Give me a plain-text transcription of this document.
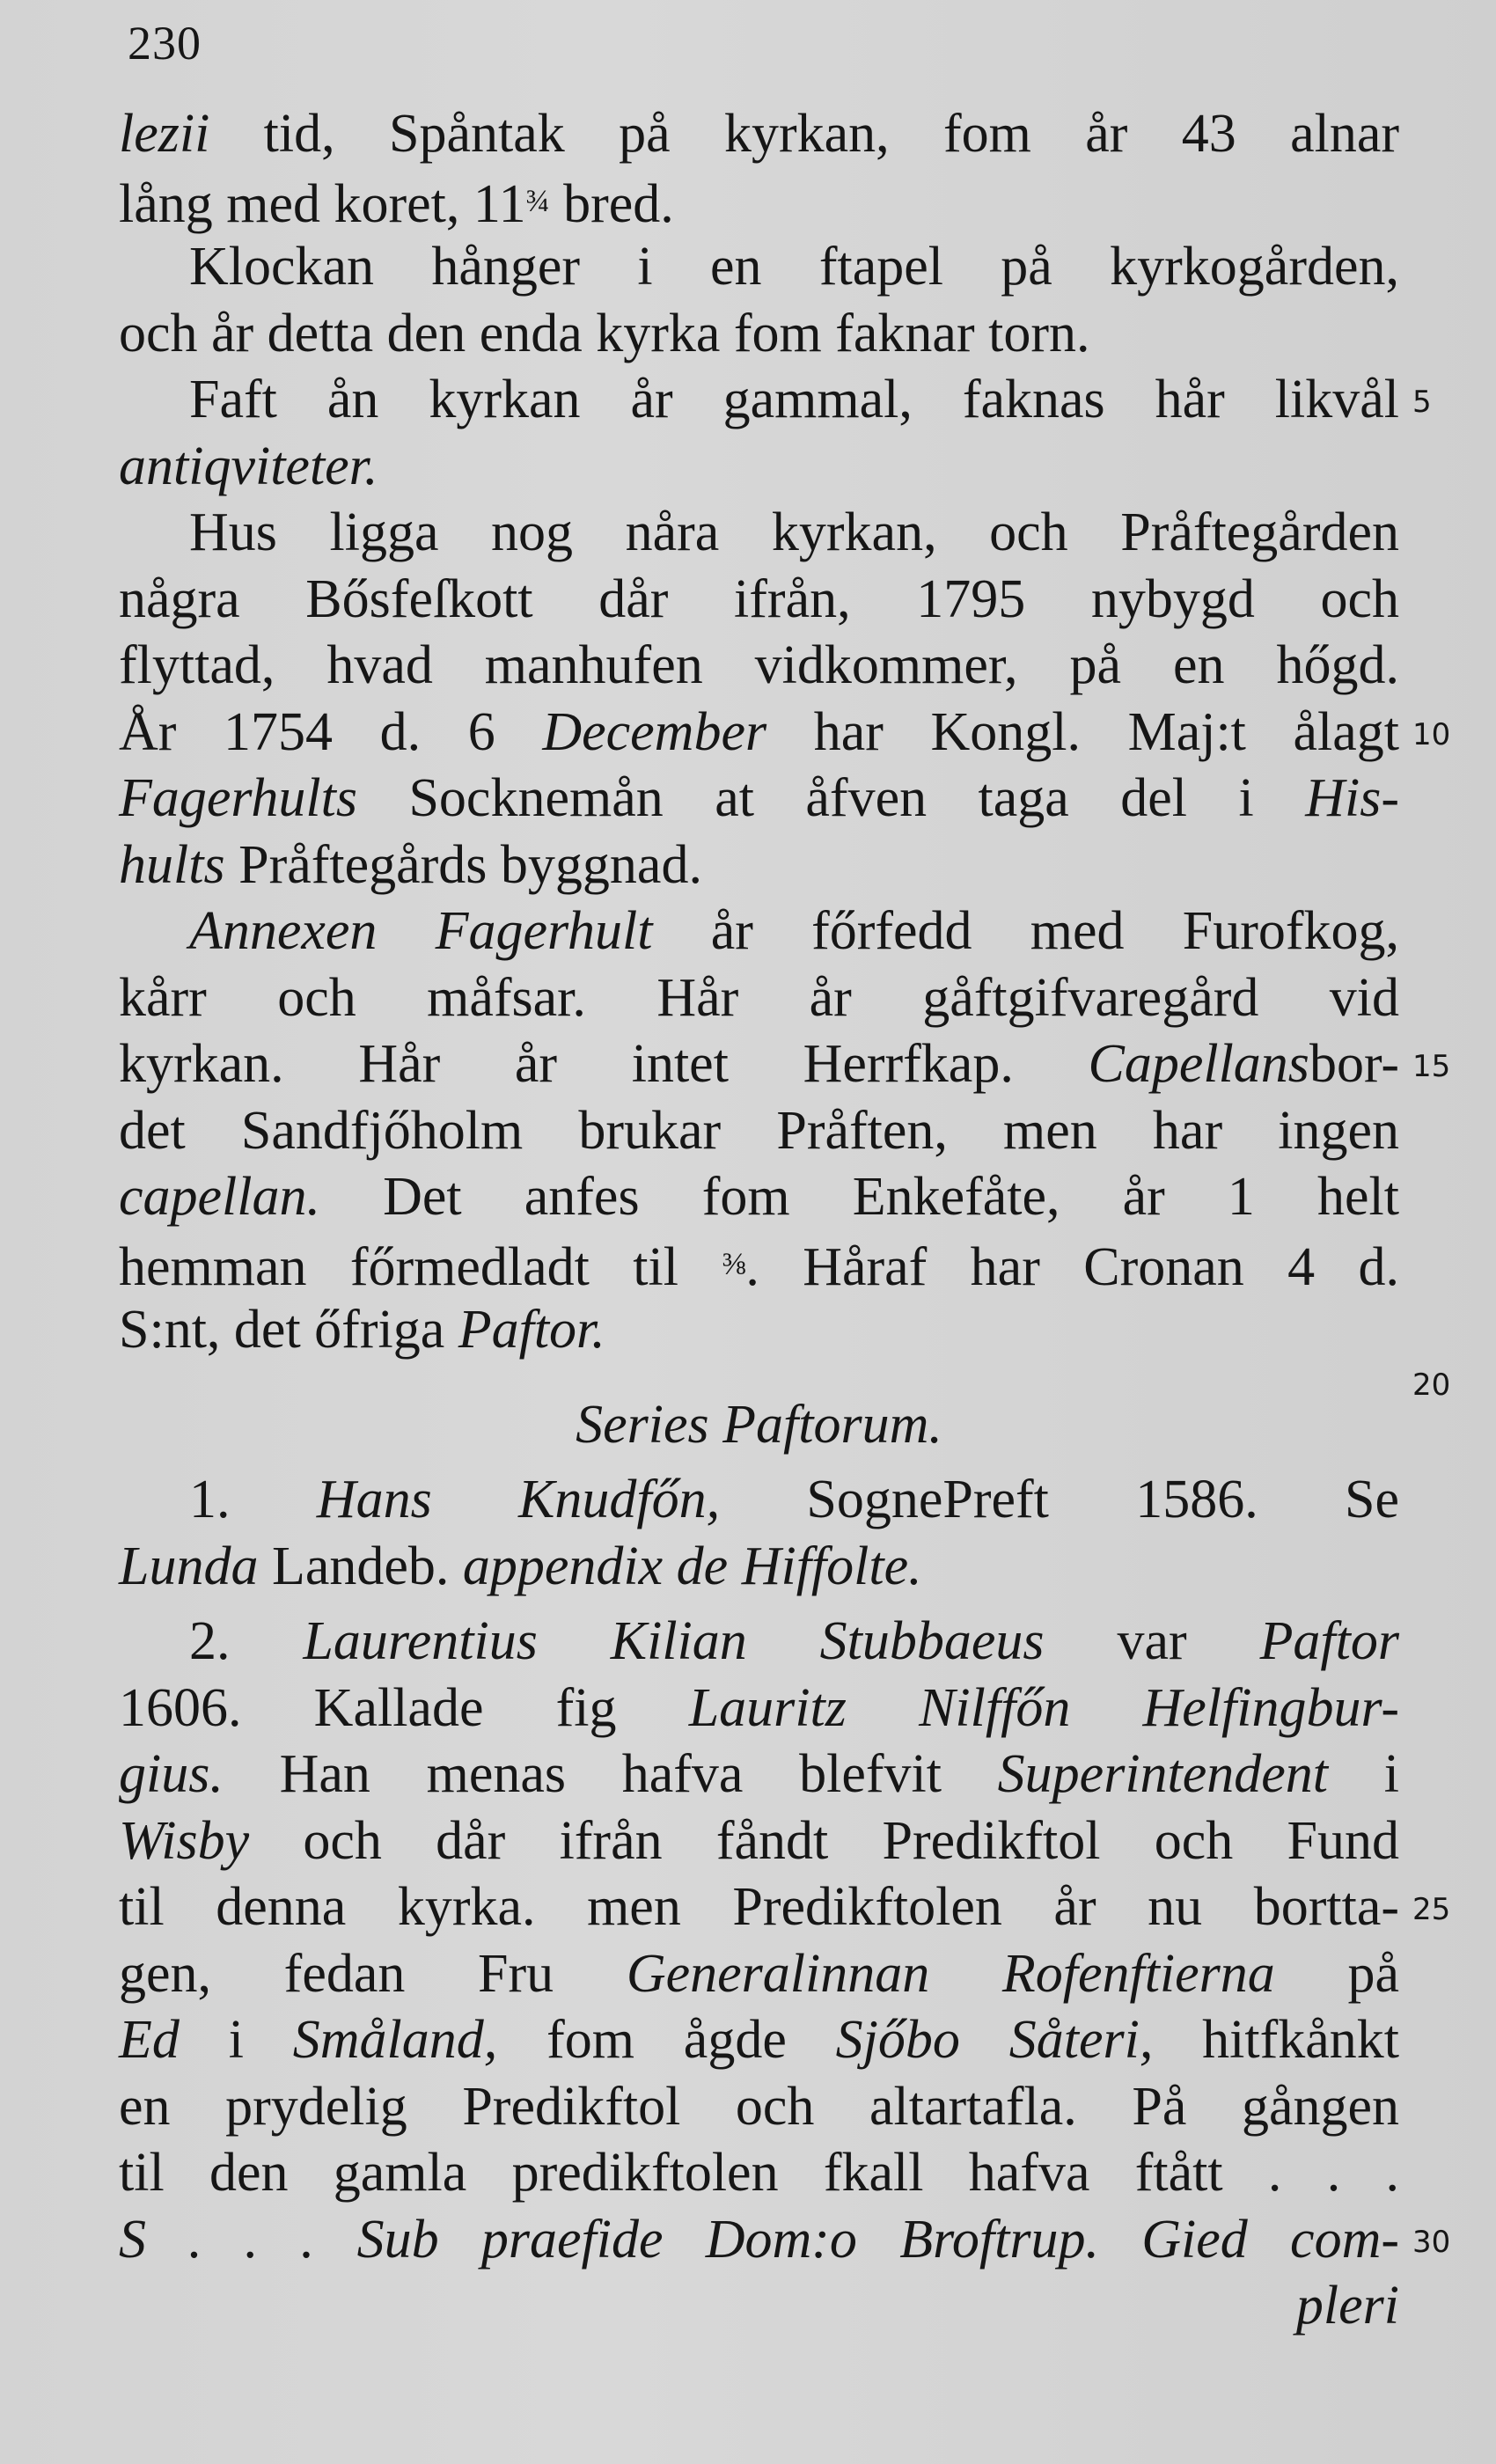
230
lezii tid, Spåntak på kyrkan, fom år 43 alnar
lång med koret, 11¾ bred.
Klockan hånger i en ftapel på kyrkogården,
och år detta den enda kyrka fom faknar torn.
Faft ån kyrkan år gammal, faknas hår likvål
antiqviteter.
Hus ligga nog nåra kyrkan, och Pråftegården
några Bősfeſkott dår ifrån, 1795 nybygd och
flyttad, hvad manhufen vidkommer, på en hőgd.
År 1754 d. 6 December har Kongl. Maj:t ålagt
Fagerhults Socknemån at åfven taga del i His-
hults Pråftegårds byggnad.
Annexen Fagerhult år főrfedd med Furofkog,
kårr och måfsar. Hår år gåftgifvaregård vid
kyrkan. Hår år intet Herrfkap. Capellansbor-
det Sandfjőholm brukar Pråften, men har ingen
capellan. Det anfes fom Enkefåte, år 1 helt
hemman főrmedladt til ⅜. Håraf har Cronan 4 d.
S:nt, det őfriga Paftor.
Series Paftorum.
1. Hans Knudfőn, SognePreft 1586. Se
Lunda Landeb. appendix de Hiffolte.
2. Laurentius Kilian Stubbaeus var Paftor
1606. Kallade fig Lauritz Nilffőn Helfingbur-
gius. Han menas hafva blefvit Superintendent i
Wisby och dår ifrån fåndt Predikftol och Fund
til denna kyrka. men Predikftolen år nu bortta-
gen, fedan Fru Generalinnan Rofenftierna på
Ed i Småland, fom ågde Sjőbo Såteri, hitfkånkt
en prydelig Predikftol och altartafla. På gången
til den gamla predikftolen fkall hafva ftått . . .
S . . . Sub praefide Dom:o Broftrup. Gied com-
pleri
5
10
15
20
25
30
